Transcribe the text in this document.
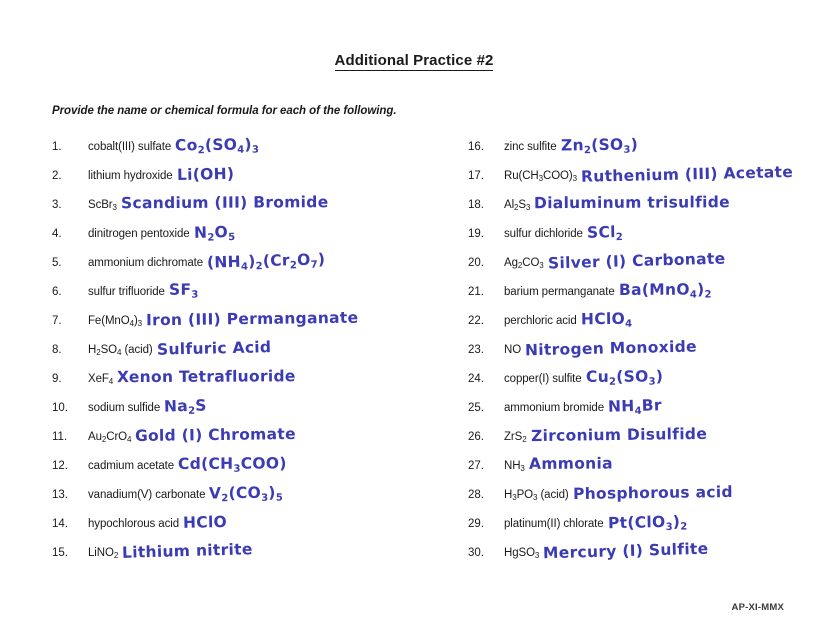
Additional Practice #2
Provide the name or chemical formula for each of the following.
1.	cobalt(III) sulfate $Co_2(SO_4)_3$
2.	lithium hydroxide Li(OH)
3.	ScBr$_3$ Scandium (III) Bromide
4.	dinitrogen pentoxide $N_2O_5$
5.	ammonium dichromate $(NH_4)_2(Cr_2O_7)$
6.	sulfur trifluoride $SF_3$
7.	$Fe(MnO_4)_3$ Iron (III) Permanganate
8.	$H_2SO_4$ (acid) Sulfuric Acid
9.	XeF$_4$ Xenon Tetrafluoride
10.	sodium sulfide $Na_2S$
11.	$Au_2CrO_4$ Gold (I) Chromate
12.	cadmium acetate $Cd(CH_3COO)$
13.	vanadium(V) carbonate $V_2(CO_3)_5$
14.	hypochlorous acid HClO
15.	LiNO$_2$ Lithium nitrite
16.	zinc sulfite $Zn_2(SO_3)$
17.	$Ru(CH_3COO)_3$ Ruthenium (III) Acetate
18.	$Al_2S_3$ Dialuminum trisulfide
19.	sulfur dichloride SCl$_2$
20.	$Ag_2CO_3$ Silver (I) Carbonate
21.	barium permanganate $Ba(MnO_4)_2$
22.	perchloric acid HClO$_4$
23.	NO Nitrogen Monoxide
24.	copper(I) sulfite $Cu_2(SO_3)$
25.	ammonium bromide $NH_4Br$
26.	ZrS$_2$ Zirconium Disulfide
27.	$NH_3$ Ammonia
28.	$H_3PO_3$ (acid) Phosphorous acid
29.	platinum(II) chlorate $Pt(ClO_3)_2$
30.	HgSO$_3$ Mercury (I) Sulfite
AP-XI-MMX
